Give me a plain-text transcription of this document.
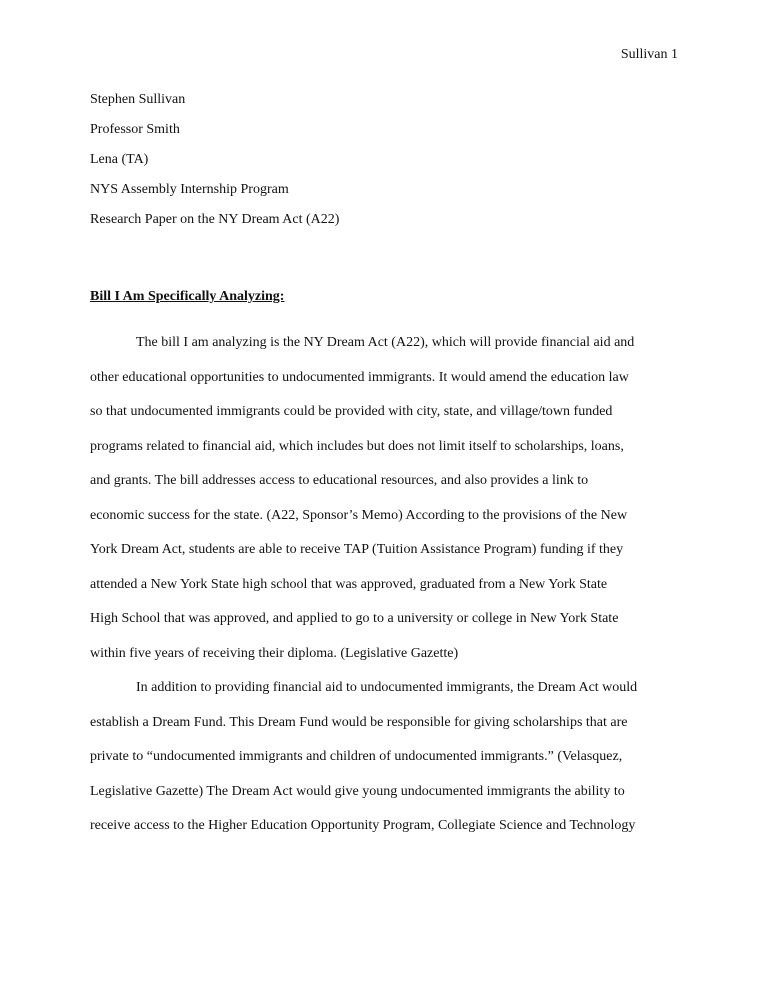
Sullivan 1
Stephen Sullivan
Professor Smith
Lena (TA)
NYS Assembly Internship Program
Research Paper on the NY Dream Act (A22)
Bill I Am Specifically Analyzing:
The bill I am analyzing is the NY Dream Act (A22), which will provide financial aid and
other educational opportunities to undocumented immigrants. It would amend the education law
so that undocumented immigrants could be provided with city, state, and village/town funded
programs related to financial aid, which includes but does not limit itself to scholarships, loans,
and grants. The bill addresses access to educational resources, and also provides a link to
economic success for the state. (A22, Sponsor’s Memo) According to the provisions of the New
York Dream Act, students are able to receive TAP (Tuition Assistance Program) funding if they
attended a New York State high school that was approved, graduated from a New York State
High School that was approved, and applied to go to a university or college in New York State
within five years of receiving their diploma. (Legislative Gazette)
In addition to providing financial aid to undocumented immigrants, the Dream Act would
establish a Dream Fund. This Dream Fund would be responsible for giving scholarships that are
private to “undocumented immigrants and children of undocumented immigrants.” (Velasquez,
Legislative Gazette) The Dream Act would give young undocumented immigrants the ability to
receive access to the Higher Education Opportunity Program, Collegiate Science and Technology
